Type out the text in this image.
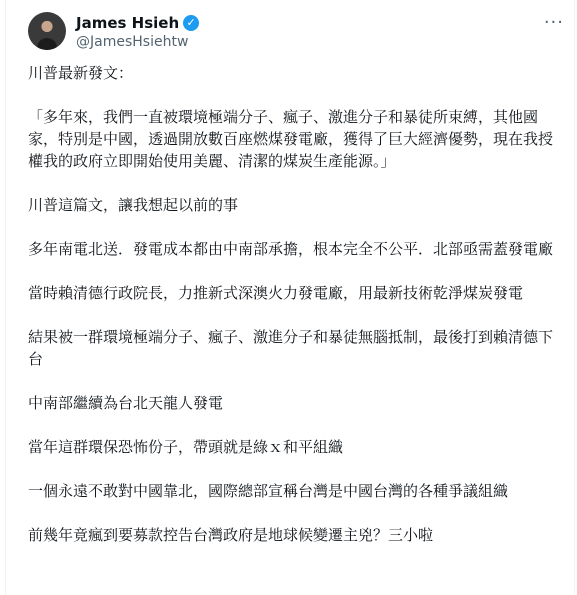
James Hsieh ✓
@JamesHsiehtw
···

川普最新發文：

「多年來，我們一直被環境極端分子、瘋子、激進分子和暴徒所束縛，其他國家，特別是中國，透過開放數百座燃煤發電廠，獲得了巨大經濟優勢，現在我授權我的政府立即開始使用美麗、清潔的煤炭生產能源。」

川普這篇文，讓我想起以前的事

多年南電北送．發電成本都由中南部承擔，根本完全不公平．北部亟需蓋發電廠

當時賴清德行政院長，力推新式深澳火力發電廠，用最新技術乾淨煤炭發電

結果被一群環境極端分子、瘋子、激進分子和暴徒無腦抵制，最後打到賴清德下台

中南部繼續為台北天龍人發電

當年這群環保恐怖份子，帶頭就是綠ｘ和平組織

一個永遠不敢對中國靠北，國際總部宣稱台灣是中國台灣的各種爭議組織

前幾年竟瘋到要募款控告台灣政府是地球候變遷主兇？三小啦
